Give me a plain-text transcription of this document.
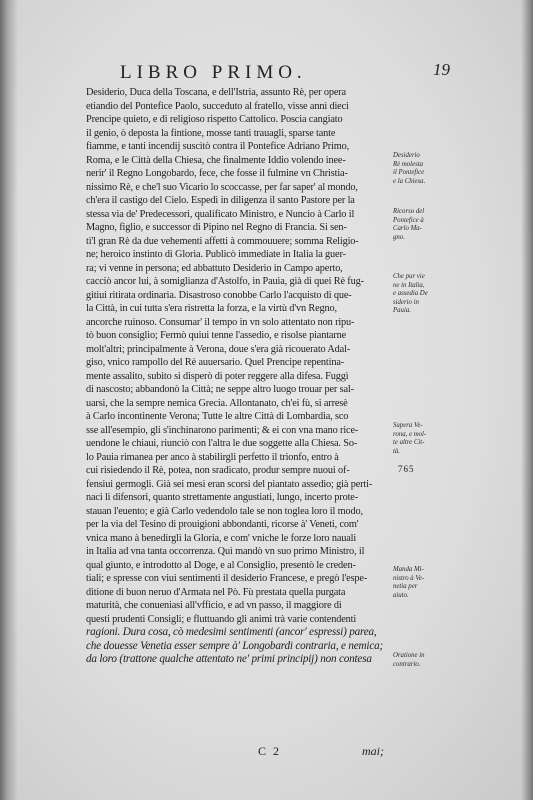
LIBRO PRIMO.	19
Desiderio, Duca della Toscana, e dell'Istria, assunto Rè, per opera
etiandio del Pontefice Paolo, succeduto al fratello, visse anni dieci
Prencipe quieto, e di religioso rispetto Cattolico. Poscia cangiato
il genio, ò deposta la fintione, mosse tanti trauagli, sparse tante
fiamme, e tanti incendij suscitò contra il Pontefice Adriano Primo,
Roma, e le Città della Chiesa, che finalmente Iddio volendo inee-
nerir' il Regno Longobardo, fece, che fosse il fulmine vn Christia-
nissimo Rè, e che'l suo Vicario lo scoccasse, per far saper' al mondo,
ch'era il castigo del Cielo. Espedì in diligenza il santo Pastore per la
stessa via de' Predecessori, qualificato Ministro, e Nuncio à Carlo il
Magno, figlio, e successor di Pipino nel Regno di Francia. Si sen-
tì'l gran Rè da due vehementi affetti à commouuere; somma Religio-
ne; heroico instinto di Gloria. Publicò immediate in Italia la guer-
ra; vi venne in persona; ed abbattuto Desiderio in Campo aperto,
cacciò ancor lui, à somiglianza d'Astolfo, in Pauia, già di quei Rè fug-
gitiui ritirata ordinaria. Disastroso conobbe Carlo l'acquisto di que-
la Città, in cui tutta s'era ristretta la forza, e la virtù d'vn Regno,
ancorche ruinoso. Consumar' il tempo in vn solo attentato non ripu-
tò buon consiglio; Fermò quiui tenne l'assedio, e risolse piantarne
molt'altri; principalmente à Verona, doue s'era già ricouerato Adal-
giso, vnico rampollo del Rè auuersario. Quel Prencipe repentina-
mente assalito, subito si disperò di poter reggere alla difesa. Fuggì
di nascosto; abbandonò la Città; ne seppe altro luogo trouar per sal-
uarsi, che la sempre nemica Grecia. Allontanato, ch'ei fù, si arresè
à Carlo incontinente Verona; Tutte le altre Città di Lombardia, sco
sse all'esempio, gli s'inchinarono parimenti; & ei con vna mano rice-
uendone le chiaui, riunciò con l'altra le due soggette alla Chiesa. So-
lo Pauia rimanea per anco à stabilirgli perfetto il trionfo, entro à
cui risiedendo il Rè, potea, non sradicato, produr sempre nuoui of-
fensiui germogli. Già sei mesi eran scorsi del piantato assedio; già perti-
naci li difensori, quanto strettamente angustiati, lungo, incerto prote-
stauan l'euento; e già Carlo vedendolo tale se non toglea loro il modo,
per la via del Tesino di prouigioni abbondanti, ricorse à' Veneti, com'
vnica mano à benedirgli la Gloria, e com' vniche le forze loro nauali
in Italia ad vna tanta occorrenza. Quì mandò vn suo primo Ministro, il
qual giunto, e introdotto al Doge, e al Consiglio, presentò le creden-
tiali; e spresse con viui sentimenti il desiderio Francese, e pregò l'espe-
ditione di buon neruo d'Armata nel Pò. Fù prestata quella purgata
maturità, che conueniasi all'vfficio, e ad vn passo, il maggiore di
questi prudenti Consigli; e fluttuando gli animi trà varie contendenti
ragioni. Dura cosa, cò medesimi sentimenti (ancor' espressi) parea,
che douesse Venetia esser sempre à' Longobardi contraria, e nemica;
da loro (trattone qualche attentato ne' primi principij) non contesa
C 2	mai;
Desiderio
Rè molesta
il Pontefice
e la Chiesa.
Ricorso del
Pontefice à
Carlo Ma-
gno.
Che pur vie
ne in Italia,
e assedia De
siderio in
Pauia.
Supera Ve-
rona, e mol-
te altre Cit-
tà.
765
Manda Mi-
nistro à Ve-
netia per
aiuto.
Oratione in
contrario.
